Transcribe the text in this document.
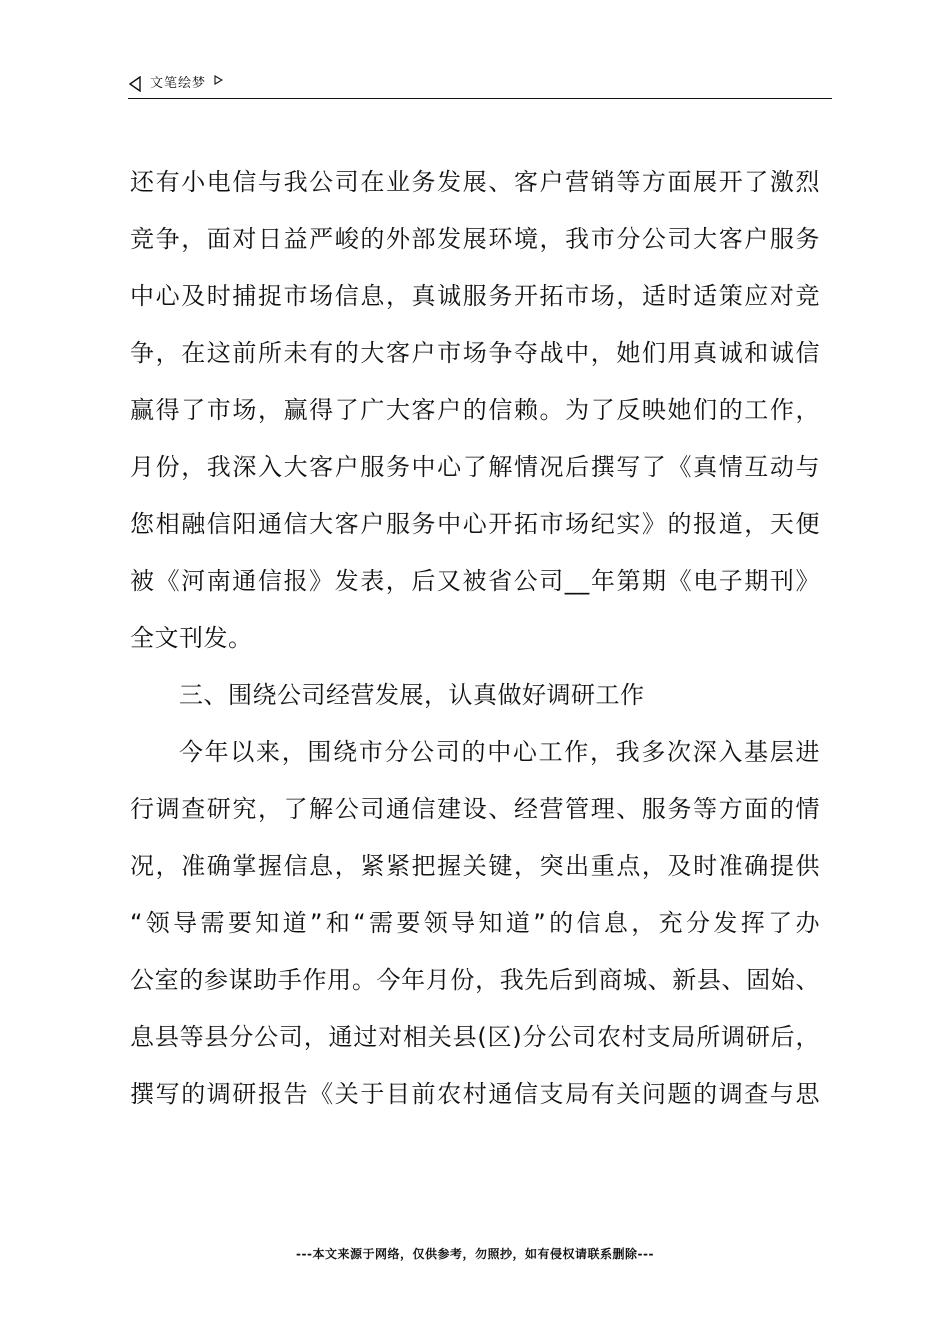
文笔绘梦
还有小电信与我公司在业务发展、客户营销等方面展开了激烈
竞争，面对日益严峻的外部发展环境，我市分公司大客户服务
中心及时捕捉市场信息，真诚服务开拓市场，适时适策应对竞
争，在这前所未有的大客户市场争夺战中，她们用真诚和诚信
赢得了市场，赢得了广大客户的信赖。为了反映她们的工作，
月份，我深入大客户服务中心了解情况后撰写了《真情互动与
您相融信阳通信大客户服务中心开拓市场纪实》的报道，天便
被《河南通信报》发表，后又被省公司__年第期《电子期刊》
全文刊发。
三、围绕公司经营发展，认真做好调研工作
今年以来，围绕市分公司的中心工作，我多次深入基层进
行调查研究，了解公司通信建设、经营管理、服务等方面的情
况，准确掌握信息，紧紧把握关键，突出重点，及时准确提供
“领导需要知道”和“需要领导知道”的信息，充分发挥了办
公室的参谋助手作用。今年月份，我先后到商城、新县、固始、
息县等县分公司，通过对相关县(区)分公司农村支局所调研后，
撰写的调研报告《关于目前农村通信支局有关问题的调查与思
---本文来源于网络，仅供参考，勿照抄，如有侵权请联系删除---
